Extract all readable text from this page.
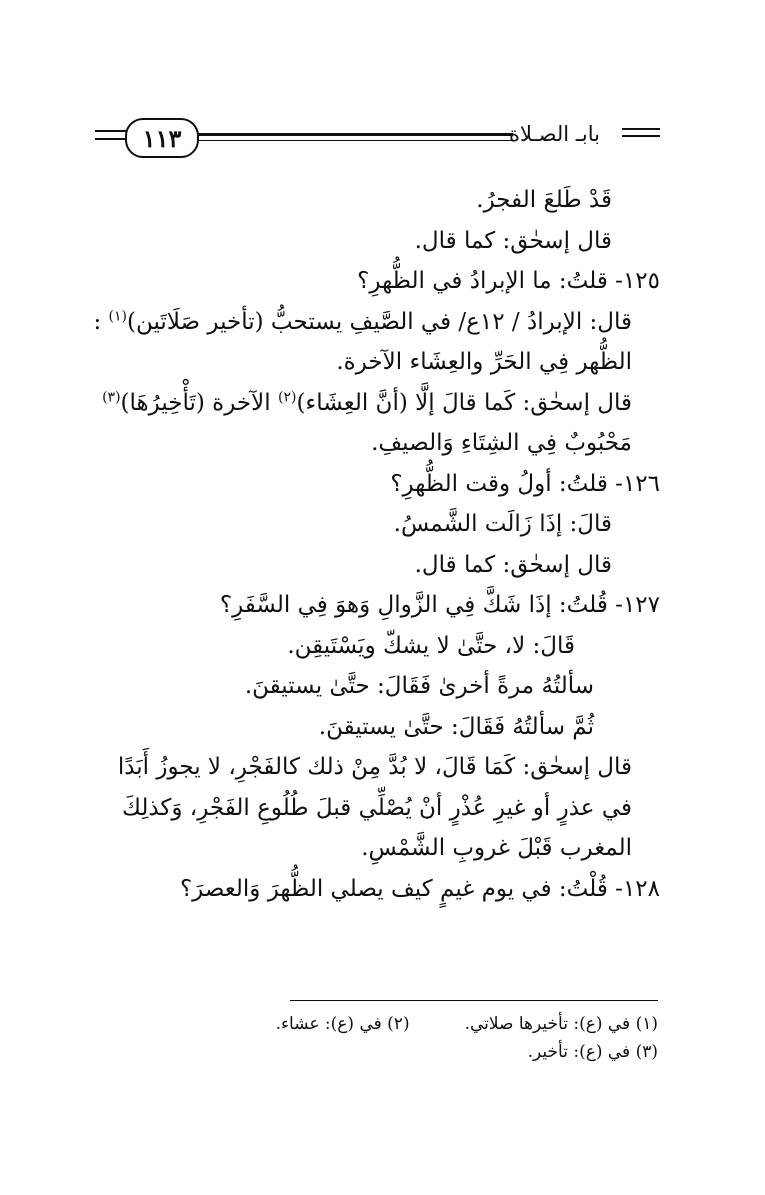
١١٣	بابـ الصـلاة
قَدْ طَلعَ الفجرُ.
قال إسحٰق: كما قال.
١٢٥- قلتُ: ما الإبرادُ في الظُّهرِ؟
قال: الإبرادُ / ١٢ع/ في الصَّيفِ يستحبُّ (تأخير صَلَاتَين)$^{(١)}$ :
الظُّهر فِي الحَرِّ والعِشَاء الآخرة.
قال إسحٰق: كَما قالَ إلَّا (أنَّ العِشَاء)$^{(٢)}$ الآخرة (تَأْخِيرُهَا)$^{(٣)}$
مَحْبُوبٌ فِي الشِتَاءِ وَالصيفِ.
١٢٦- قلتُ: أولُ وقت الظُّهرِ؟
قالَ: إذَا زَالَت الشَّمسُ.
قال إسحٰق: كما قال.
١٢٧- قُلتُ: إذَا شَكَّ فِي الزَّوالِ وَهوَ فِي السَّفَرِ؟
قَالَ: لا، حتَّىٰ لا يشكّ ويَسْتَيقِن.
سألتُهُ مرةً أخرىٰ فَقَالَ: حتَّىٰ يستيقنَ.
ثُمَّ سألتُهُ فَقَالَ: حتَّىٰ يستيقنَ.
قال إسحٰق: كَمَا قَالَ، لا بُدَّ مِنْ ذلك كالفَجْرِ، لا يجوزُ أَبَدًا
في عذرٍ أو غيرِ عُذْرٍ أنْ يُصْلِّي قبلَ طُلُوعِ الفَجْرِ، وَكذلِكَ
المغرب قَبْلَ غروبِ الشَّمْسِ.
١٢٨- قُلْتُ: في يوم غيمٍ كيف يصلي الظُّهرَ وَالعصرَ؟
(١) في (ع): تأخيرها صلاتي.(٢) في (ع): عشاء.
(٣) في (ع): تأخير.
